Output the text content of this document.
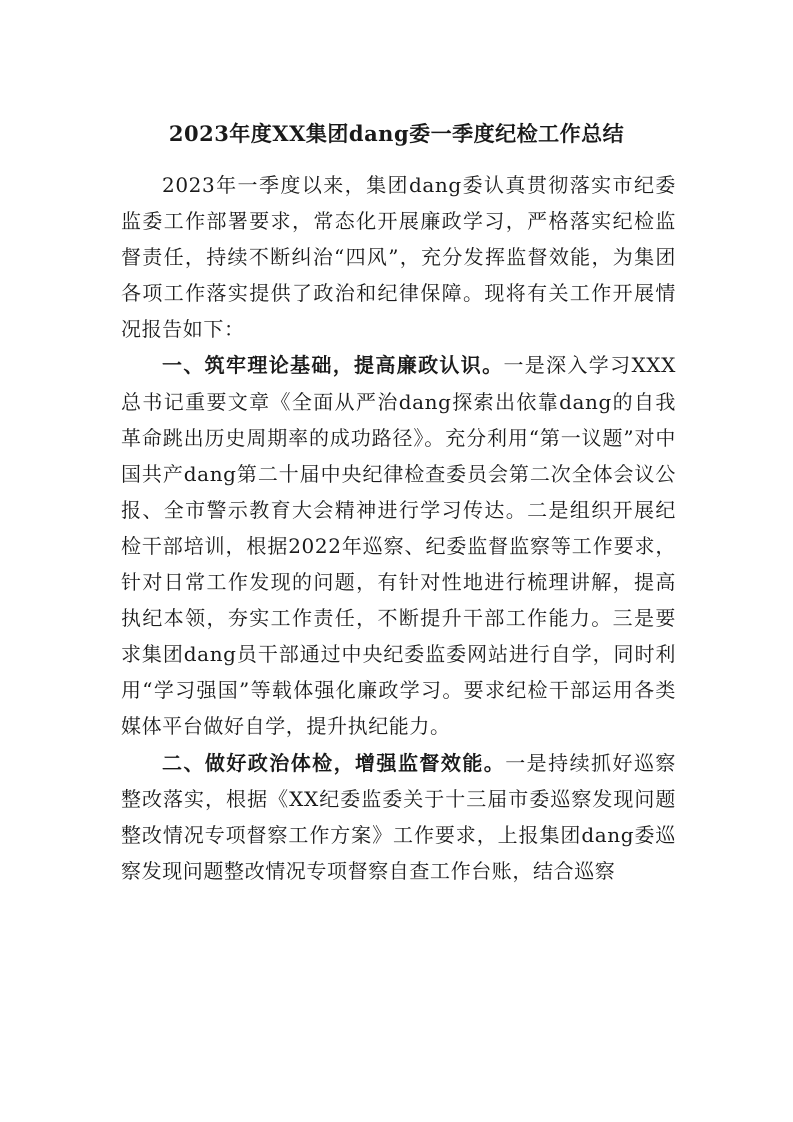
2023年度XX集团dang委一季度纪检工作总结

2023年一季度以来，集团dang委认真贯彻落实市纪委监委工作部署要求，常态化开展廉政学习，严格落实纪检监督责任，持续不断纠治“四风”，充分发挥监督效能，为集团各项工作落实提供了政治和纪律保障。现将有关工作开展情况报告如下：

一、筑牢理论基础，提高廉政认识。一是深入学习XXX总书记重要文章《全面从严治dang探索出依靠dang的自我革命跳出历史周期率的成功路径》。充分利用“第一议题”对中国共产dang第二十届中央纪律检查委员会第二次全体会议公报、全市警示教育大会精神进行学习传达。二是组织开展纪检干部培训，根据2022年巡察、纪委监督监察等工作要求，针对日常工作发现的问题，有针对性地进行梳理讲解，提高执纪本领，夯实工作责任，不断提升干部工作能力。三是要求集团dang员干部通过中央纪委监委网站进行自学，同时利用“学习强国”等载体强化廉政学习。要求纪检干部运用各类媒体平台做好自学，提升执纪能力。

二、做好政治体检，增强监督效能。一是持续抓好巡察整改落实，根据《XX纪委监委关于十三届市委巡察发现问题整改情况专项督察工作方案》工作要求，上报集团dang委巡察发现问题整改情况专项督察自查工作台账，结合巡察
